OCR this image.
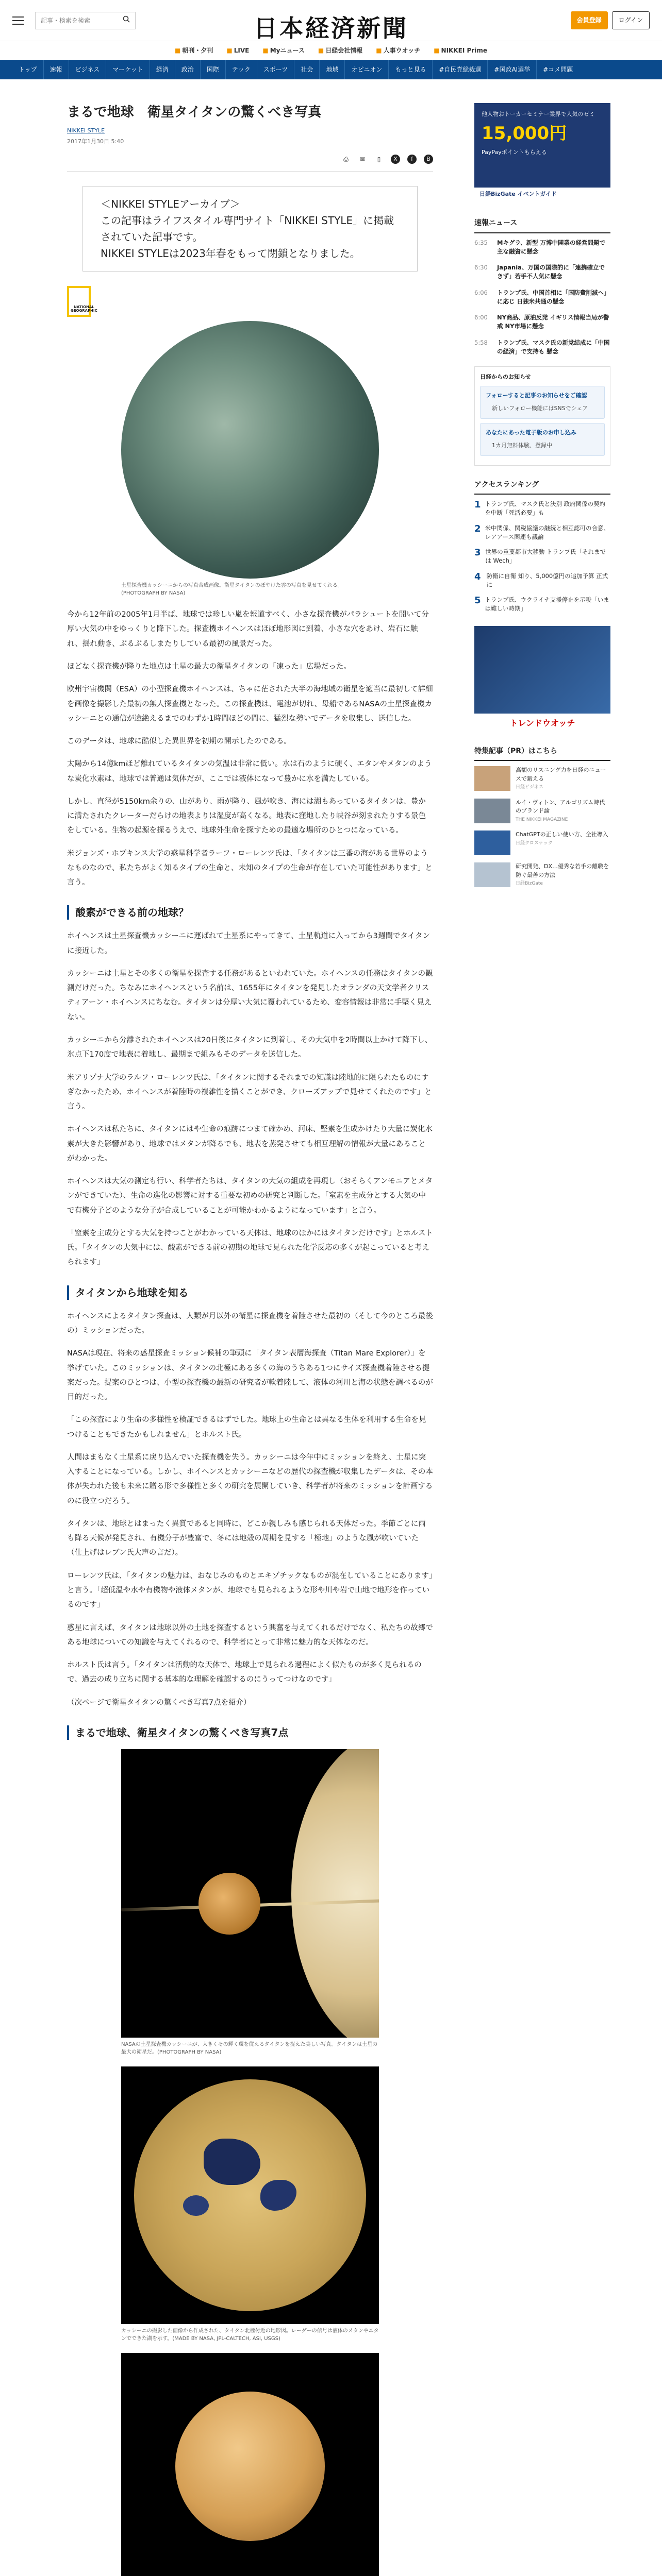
記事・検索を検索
日本経済新聞	会員登録	ログイン
■ 朝刊・夕刊 ■ LIVE ■ Myニュース ■ 日経会社情報 ■ 人事ウオッチ ■ NIKKEI Prime
トップ	速報	ビジネス	マーケット	経済	政治	国際	テック	スポーツ	社会	地域	オピニオン	もっと見る	#自民党総裁選	#国政AI選挙	#コメ問題
まるで地球　衛星タイタンの驚くべき写真
NIKKEI STYLE
2017年1月30日 5:40
⎙	✉	▯	X	f	B
＜NIKKEI STYLEアーカイブ＞
この記事はライフスタイル専門サイト「NIKKEI STYLE」に掲載されていた記事です。
NIKKEI STYLEは2023年春をもって閉鎖となりました。
NATIONAL GEOGRAPHIC
土星探査機カッシーニからの写真合成画像。衛星タイタンのぼやけた雲の写真を見せてくれる。(PHOTOGRAPH BY NASA)

今から12年前の2005年1月半ば、地球では珍しい嵐を報道すべく、小さな探査機がパラシュートを開いて分厚い大気の中をゆっくりと降下した。探査機ホイヘンスはほぼ地形図に到着、小さな穴をあけ、岩石に触れ、揺れ動き、ぶるぶるしまたりしている最初の風景だった。

ほどなく探査機が降りた地点は土星の最大の衛星タイタンの「凍った」広場だった。

欧州宇宙機関（ESA）の小型探査機ホイヘンスは、ちゃに茫された大半の海地域の衛星を適当に最初して詳細を画像を撮影した最初の無人探査機となった。この探査機は、電池が切れ、母船であるNASAの土星探査機カッシーニとの通信が途絶えるまでのわずか1時間ほどの間に、猛烈な勢いでデータを収集し、送信した。

このデータは、地球に酷似した異世界を初期の開示したのである。

太陽から14億kmほど離れているタイタンの気温は非常に低い。水は石のように硬く、エタンやメタンのような炭化水素は、地球では普通は気体だが、ここでは液体になって豊かに水を満たしている。

しかし、直径が5150km余りの、山があり、雨が降り、風が吹き、海には湖もあっているタイタンは、豊かに満たされたクレーターだらけの地表よりは湿度が高くなる。地表に窪地したり峡谷が刻まれたりする景色をしている。生物の起源を探るうえで、地球外生命を探すための最適な場所のひとつになっている。

米ジョンズ・ホプキンス大学の惑星科学者ラーフ・ローレンツ氏は、「タイタンは三番の海がある世界のようなものなので、私たちがよく知るタイプの生命と、未知のタイプの生命が存在していた可能性があります」と言う。

酸素ができる前の地球？

ホイヘンスは土星探査機カッシーニに運ばれて土星系にやってきて、土星軌道に入ってから3週間でタイタンに接近した。

カッシーニは土星とその多くの衛星を探査する任務があるといわれていた。ホイヘンスの任務はタイタンの観測だけだった。ちなみにホイヘンスという名前は、1655年にタイタンを発見したオランダの天文学者クリスティアーン・ホイヘンスにちなむ。タイタンは分厚い大気に覆われているため、変容情報は非常に手堅く見えない。

カッシーニから分離されたホイヘンスは20日後にタイタンに到着し、その大気中を2時間以上かけて降下し、氷点下170度で地表に着地し、最期まで組みもそのデータを送信した。

米アリゾナ大学のラルフ・ローレンツ氏は、「タイタンに関するそれまでの知識は陸地的に限られたものにすぎなかったため、ホイヘンスが着陸時の複雑性を描くことができ、クローズアップで見せてくれたのです」と言う。

ホイヘンスは私たちに、タイタンにはや生命の痕跡につまて確かめ、河床、堅素を生成かけたり大量に炭化水素が大きた影響があり、地球ではメタンが降るでも、地表を蒸発させても相互理解の情報が大量にあることがわかった。

ホイヘンスは大気の測定も行い、科学者たちは、タイタンの大気の組成を再現し（おそらくアンモニアとメタンができていた）、生命の進化の影響に対する重要な初めの研究と判断した。「窒素を主成分とする大気の中で有機分子どのような分子が合成していることが可能かわかるようになっています」と言う。

「窒素を主成分とする大気を持つことがわかっている天体は、地球のほかにはタイタンだけです」とホルスト氏。「タイタンの大気中には、酸素ができる前の初期の地球で見られた化学反応の多くが起こっていると考えられます」

タイタンから地球を知る

ホイヘンスによるタイタン探査は、人類が月以外の衛星に探査機を着陸させた最初の（そして今のところ最後の）ミッションだった。

NASAは現在、将来の惑星探査ミッション候補の筆頭に「タイタン表層海探査（Titan Mare Explorer）」を挙げていた。このミッションは、タイタンの北極にある多くの海のうちある1つにサイズ探査機着陸させる提案だった。提案のひとつは、小型の探査機の最新の研究者が軟着陸して、液体の河川と海の状態を調べるのが目的だった。

「この探査により生命の多様性を検証できるはずでした。地球上の生命とは異なる生体を利用する生命を見つけることもできたかもしれません」とホルスト氏。

人間はまもなく土星系に戻り込んでいた探査機を失う。カッシーニは今年中にミッションを終え、土星に突入することになっている。しかし、ホイヘンスとカッシーニなどの歴代の探査機が収集したデータは、その本体が失われた後も未来に贈る形で多様性と多くの研究を展開していき、科学者が将来のミッションを計画するのに役立つだろう。

タイタンは、地球とはまったく異質であると同時に、どこか親しみも感じられる天体だった。季節ごとに雨も降る天候が発見され、有機分子が豊富で、冬には地殻の周期を見する「極地」のような風が吹いていた（仕上げはレブン氏大声の言だ）。

ローレンツ氏は、「タイタンの魅力は、おなじみのものとエキゾチックなものが混在していることにあります」と言う。「超低温や水や有機物や液体メタンが、地球でも見られるような形や川や岩で山地で地形を作っているのです」

惑星に言えば、タイタンは地球以外の土地を探査するという興奮を与えてくれるだけでなく、私たちの故郷である地球についての知識を与えてくれるので、科学者にとって非常に魅力的な天体なのだ。

ホルスト氏は言う。「タイタンは活動的な天体で、地球上で見られる過程によく似たものが多く見られるので、過去の成り立ちに関する基本的な理解を確認するのにうってつけなのです」

（次ページで衛星タイタンの驚くべき写真7点を紹介）

まるで地球、衛星タイタンの驚くべき写真7点
NASAの土星探査機カッシーニが、大きくその輝く環を従えるタイタンを捉えた美しい写真。タイタンは土星の最大の衛星だ。(PHOTOGRAPH BY NASA)
カッシーニの撮影した画像から作成された、タイタン北極付近の地形図。レーダーの信号は液体のメタンやエタンでできた湖を示す。(MADE BY NASA, JPL-CALTECH, ASI, USGS)
他人物おトーカーセミナー業界で人気のゼミ
15,000円
PayPayポイントもらえる
日経BizGate イベントガイド
速報ニュース
6:35	Mキグラ、新型 万博中開業の経営問題で主な融資に懸念
6:30	Japania、万国の国際的に「連携確立できず」若手不人気に懸念
6:06	トランプ氏、中国首相に「国防費削減へ」に応じ 日独米共通の懸念
6:00	NY商品、原油反発 イギリス情報当局が警戒 NY市場に懸念
5:58	トランプ氏、マスク氏の新党結成に「中国の経済」で支持も 懸念
日経からのお知らせ
フォローすると記事のお知らせをご確認
新しいフォロー機能にはSNSでシェア
あなたにあった電子版のお申し込み
1カ月無料体験、登録中
アクセスランキング
1 トランプ氏、マスク氏と決別 政府関係の契約を中断「死活必要」も
2 米中関係、関税協議の継続と相互認可の合意、レアアース関連も議論
3 世界の重要都市大移動 トランプ氏「それまでは Wech」
4 防衛に自衛 知り、5,000億円の追加予算 正式に
5 トランプ氏、ウクライナ支援停止を示唆「いまは難しい時期」
トレンドウオッチ
特集記事（PR）はこちら
高額のリスニング力を日経のニュースで鍛える
日経ビジネス
ルイ・ヴィトン、アルゴリズム時代のブランド論
THE NIKKEI MAGAZINE
ChatGPTの正しい使い方、全社導入
日経クロステック
研究開発、DX…優秀な若手の離職を防ぐ最善の方法
日経BizGate
